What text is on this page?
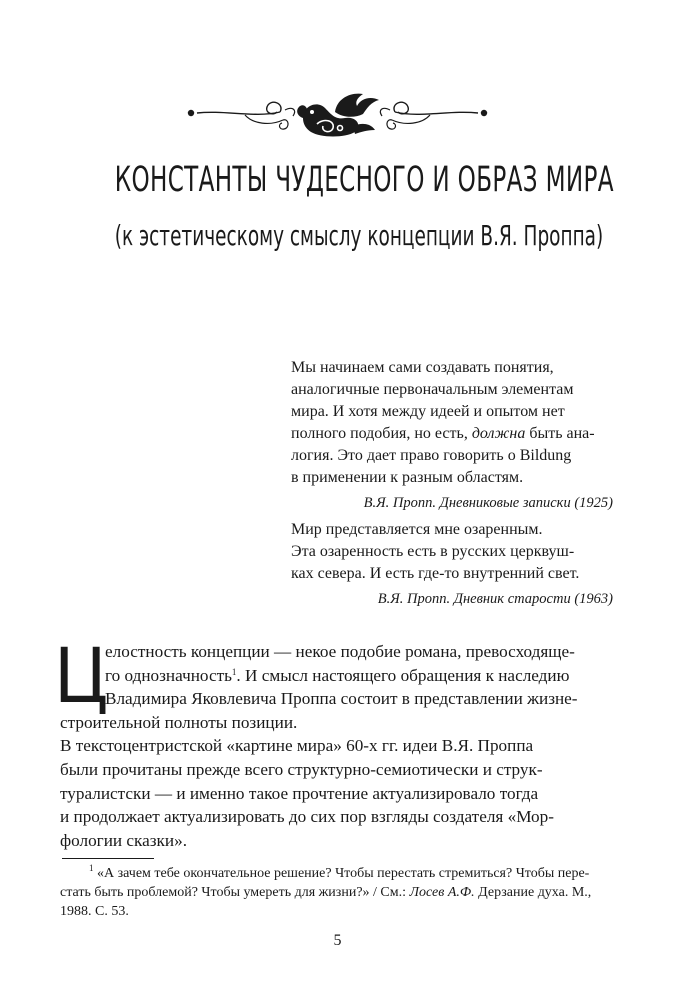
КОНСТАНТЫ ЧУДЕСНОГО И ОБРАЗ МИРА
(к эстетическому смыслу концепции В.Я. Проппа)
Мы начинаем сами создавать понятия,
аналогичные первоначальным элементам
мира. И хотя между идеей и опытом нет
полного подобия, но есть, должна быть ана-
логия. Это дает право говорить о Bildung
в применении к разным областям.
В.Я. Пропп. Дневниковые записки (1925)
Мир представляется мне озаренным.
Эта озаренность есть в русских церквуш-
ках севера. И есть где-то внутренний свет.
В.Я. Пропп. Дневник старости (1963)
Ц
елостность концепции — некое подобие романа, превосходяще-
го однозначность$^1$. И смысл настоящего обращения к наследию
Владимира Яковлевича Проппа состоит в представлении жизне-
строительной полноты позиции.
В текстоцентристской «картине мира» 60-х гг. идеи В.Я. Проппа
были прочитаны прежде всего структурно-семиотически и струк-
туралистски — и именно такое прочтение актуализировало тогда
и продолжает актуализировать до сих пор взгляды создателя «Мор-
фологии сказки».
$^1$ «А зачем тебе окончательное решение? Чтобы перестать стремиться? Чтобы пере-
стать быть проблемой? Чтобы умереть для жизни?» / См.: Лосев А.Ф. Дерзание духа. М.,
1988. С. 53.
5
